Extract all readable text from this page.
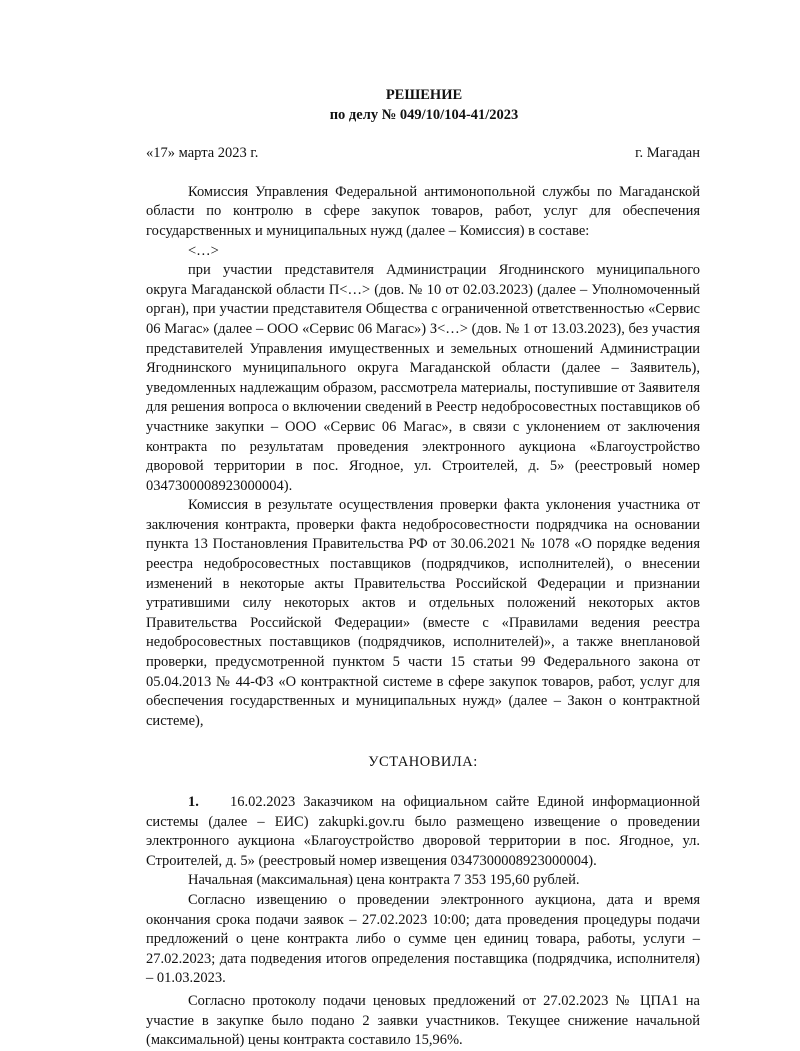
РЕШЕНИЕ
по делу № 049/10/104-41/2023
«17» марта 2023 г.	г. Магадан

Комиссия Управления Федеральной антимонопольной службы по Магаданской области по контролю в сфере закупок товаров, работ, услуг для обеспечения государственных и муниципальных нужд (далее – Комиссия) в составе:

<…>

при участии представителя Администрации Ягоднинского муниципального округа Магаданской области П<…> (дов. № 10 от 02.03.2023) (далее – Уполномоченный орган), при участии представителя Общества с ограниченной ответственностью «Сервис 06 Магас» (далее – ООО «Сервис 06 Магас») З<…> (дов. № 1 от 13.03.2023), без участия представителей Управления имущественных и земельных отношений Администрации Ягоднинского муниципального округа Магаданской области (далее – Заявитель), уведомленных надлежащим образом, рассмотрела материалы, поступившие от Заявителя для решения вопроса о включении сведений в Реестр недобросовестных поставщиков об участнике закупки – ООО «Сервис 06 Магас», в связи с уклонением от заключения контракта по результатам проведения электронного аукциона «Благоустройство дворовой территории в пос. Ягодное, ул. Строителей, д. 5» (реестровый номер 0347300008923000004).

Комиссия в результате осуществления проверки факта уклонения участника от заключения контракта, проверки факта недобросовестности подрядчика на основании пункта 13 Постановления Правительства РФ от 30.06.2021 № 1078 «О порядке ведения реестра недобросовестных поставщиков (подрядчиков, исполнителей), о внесении изменений в некоторые акты Правительства Российской Федерации и признании утратившими силу некоторых актов и отдельных положений некоторых актов Правительства Российской Федерации» (вместе с «Правилами ведения реестра недобросовестных поставщиков (подрядчиков, исполнителей)», а также внеплановой проверки, предусмотренной пунктом 5 части 15 статьи 99 Федерального закона от 05.04.2013 № 44-ФЗ «О контрактной системе в сфере закупок товаров, работ, услуг для обеспечения государственных и муниципальных нужд» (далее – Закон о контрактной системе),

УСТАНОВИЛА:

1. 16.02.2023 Заказчиком на официальном сайте Единой информационной системы (далее – ЕИС) zakupki.gov.ru было размещено извещение о проведении электронного аукциона «Благоустройство дворовой территории в пос. Ягодное, ул. Строителей, д. 5» (реестровый номер извещения 0347300008923000004).

Начальная (максимальная) цена контракта 7 353 195,60 рублей.

Согласно извещению о проведении электронного аукциона, дата и время окончания срока подачи заявок – 27.02.2023 10:00; дата проведения процедуры подачи предложений о цене контракта либо о сумме цен единиц товара, работы, услуги – 27.02.2023; дата подведения итогов определения поставщика (подрядчика, исполнителя) – 01.03.2023.

Согласно протоколу подачи ценовых предложений от 27.02.2023 № ЦПА1 на участие в закупке было подано 2 заявки участников. Текущее снижение начальной (максимальной) цены контракта составило 15,96%.
